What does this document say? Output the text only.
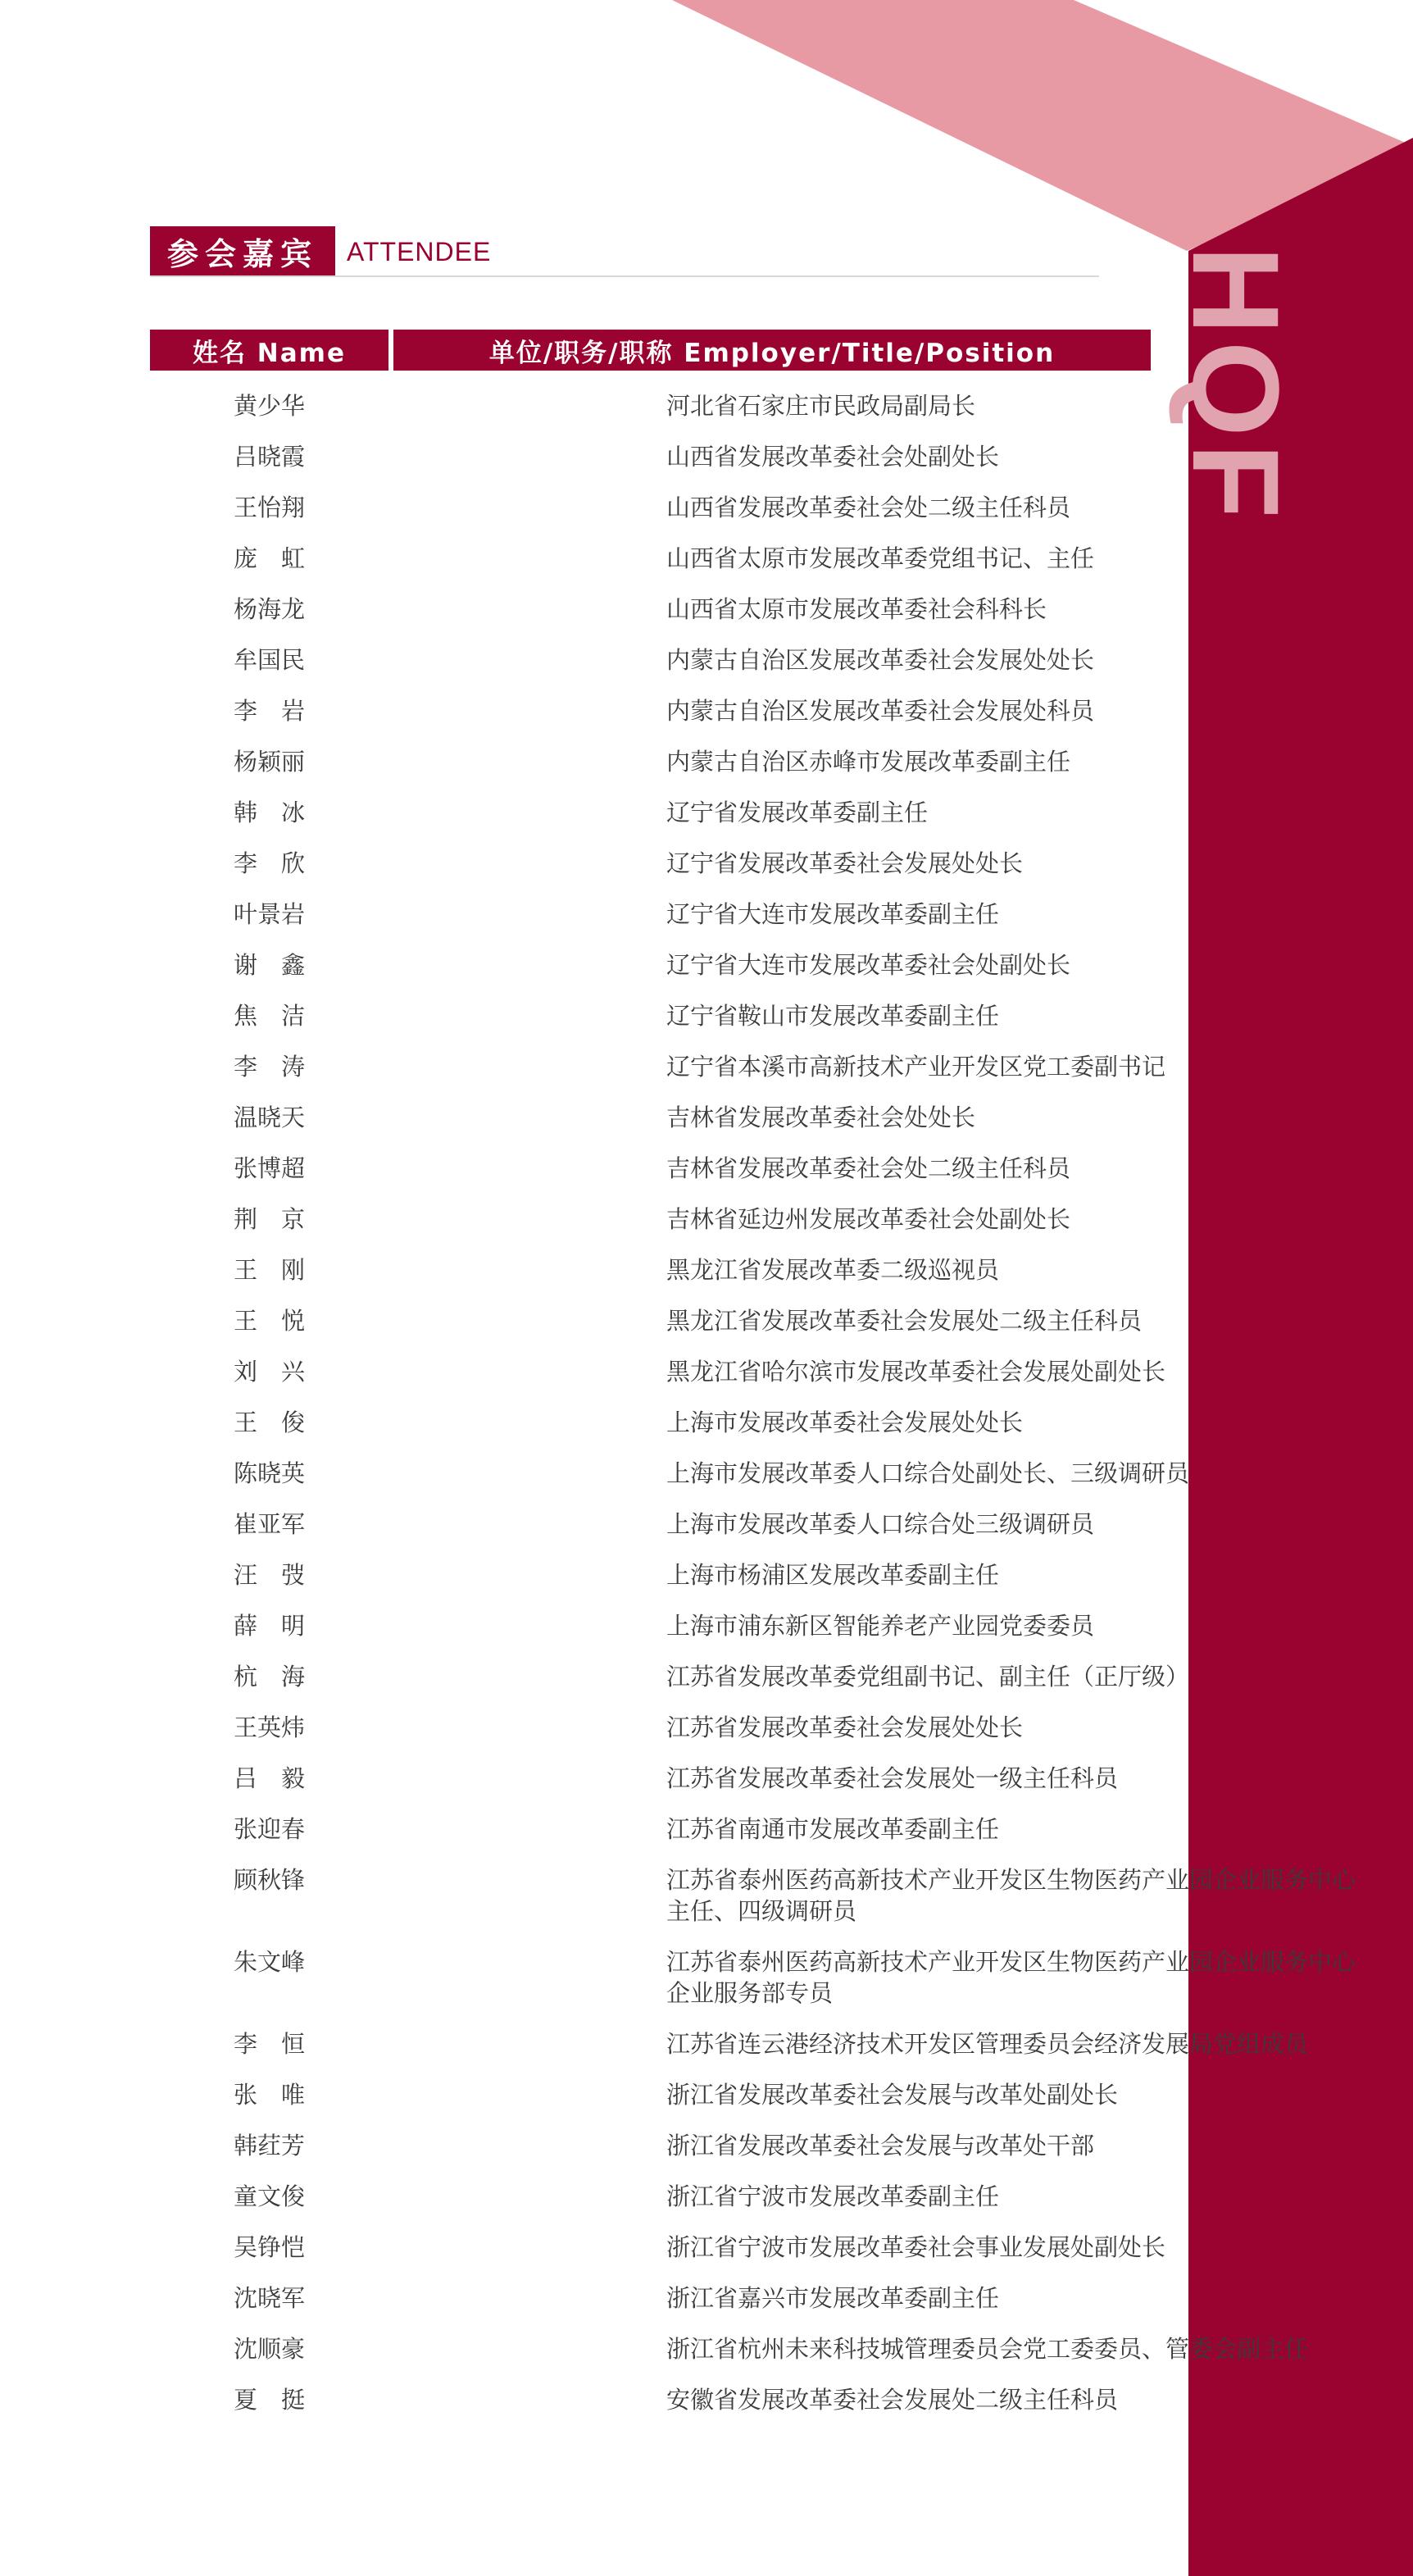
HQF
参会嘉宾	ATTENDEE
姓名 Name	单位/职务/职称 Employer/Title/Position
黄少华	河北省石家庄市民政局副局长
吕晓霞	山西省发展改革委社会处副处长
王怡翔	山西省发展改革委社会处二级主任科员
庞　虹	山西省太原市发展改革委党组书记、主任
杨海龙	山西省太原市发展改革委社会科科长
牟国民	内蒙古自治区发展改革委社会发展处处长
李　岩	内蒙古自治区发展改革委社会发展处科员
杨颖丽	内蒙古自治区赤峰市发展改革委副主任
韩　冰	辽宁省发展改革委副主任
李　欣	辽宁省发展改革委社会发展处处长
叶景岩	辽宁省大连市发展改革委副主任
谢　鑫	辽宁省大连市发展改革委社会处副处长
焦　洁	辽宁省鞍山市发展改革委副主任
李　涛	辽宁省本溪市高新技术产业开发区党工委副书记
温晓天	吉林省发展改革委社会处处长
张博超	吉林省发展改革委社会处二级主任科员
荆　京	吉林省延边州发展改革委社会处副处长
王　刚	黑龙江省发展改革委二级巡视员
王　悦	黑龙江省发展改革委社会发展处二级主任科员
刘　兴	黑龙江省哈尔滨市发展改革委社会发展处副处长
王　俊	上海市发展改革委社会发展处处长
陈晓英	上海市发展改革委人口综合处副处长、三级调研员
崔亚军	上海市发展改革委人口综合处三级调研员
汪　弢	上海市杨浦区发展改革委副主任
薛　明	上海市浦东新区智能养老产业园党委委员
杭　海	江苏省发展改革委党组副书记、副主任（正厅级）
王英炜	江苏省发展改革委社会发展处处长
吕　毅	江苏省发展改革委社会发展处一级主任科员
张迎春	江苏省南通市发展改革委副主任
顾秋锋	江苏省泰州医药高新技术产业开发区生物医药产业园企业服务中心主任、四级调研员
朱文峰	江苏省泰州医药高新技术产业开发区生物医药产业园企业服务中心企业服务部专员
李　恒	江苏省连云港经济技术开发区管理委员会经济发展局党组成员
张　唯	浙江省发展改革委社会发展与改革处副处长
韩荭芳	浙江省发展改革委社会发展与改革处干部
童文俊	浙江省宁波市发展改革委副主任
吴铮恺	浙江省宁波市发展改革委社会事业发展处副处长
沈晓军	浙江省嘉兴市发展改革委副主任
沈顺豪	浙江省杭州未来科技城管理委员会党工委委员、管委会副主任
夏　挺	安徽省发展改革委社会发展处二级主任科员
